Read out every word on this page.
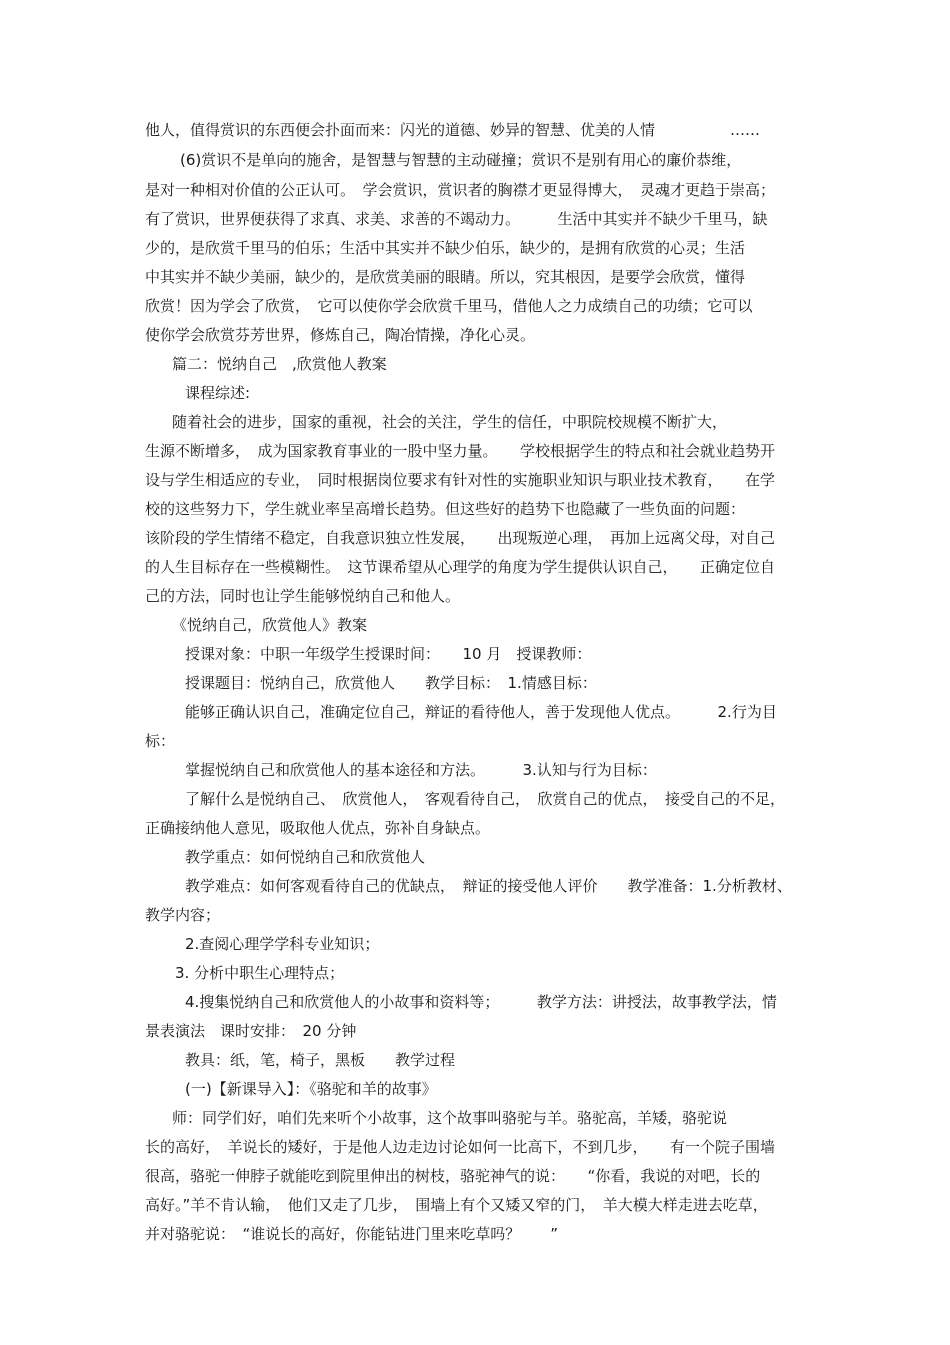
他人，值得赏识的东西便会扑面而来：闪光的道德、妙异的智慧、优美的人情　　　　　……
(6)赏识不是单向的施舍，是智慧与智慧的主动碰撞；赏识不是别有用心的廉价恭维，
是对一种相对价值的公正认可。　学会赏识，赏识者的胸襟才更显得博大，　灵魂才更趋于崇高；
有了赏识，世界便获得了求真、求美、求善的不竭动力。　　　生活中其实并不缺少千里马，缺
少的，是欣赏千里马的伯乐；生活中其实并不缺少伯乐，缺少的，是拥有欣赏的心灵；生活
中其实并不缺少美丽，缺少的，是欣赏美丽的眼睛。所以，究其根因，是要学会欣赏，懂得
欣赏！因为学会了欣赏，　它可以使你学会欣赏千里马，借他人之力成绩自己的功绩；它可以
使你学会欣赏芬芳世界，修炼自己，陶冶情操，净化心灵。
篇二：悦纳自己　,欣赏他人教案
课程综述:
随着社会的进步，国家的重视，社会的关注，学生的信任，中职院校规模不断扩大，
生源不断增多，　成为国家教育事业的一股中坚力量。　　学校根据学生的特点和社会就业趋势开
设与学生相适应的专业，　同时根据岗位要求有针对性的实施职业知识与职业技术教育，　　在学
校的这些努力下，学生就业率呈高增长趋势。但这些好的趋势下也隐藏了一些负面的问题：
该阶段的学生情绪不稳定，自我意识独立性发展，　　出现叛逆心理，　再加上远离父母，对自己
的人生目标存在一些模糊性。　这节课希望从心理学的角度为学生提供认识自己，　　正确定位自
己的方法，同时也让学生能够悦纳自己和他人。
《悦纳自己，欣赏他人》教案
授课对象：中职一年级学生授课时间：　　10 月　授课教师：
授课题目：悦纳自己，欣赏他人　　教学目标：　1.情感目标：
能够正确认识自己，准确定位自己，辩证的看待他人，善于发现他人优点。　　　2.行为目
标：
掌握悦纳自己和欣赏他人的基本途径和方法。　　　3.认知与行为目标：
了解什么是悦纳自己、　欣赏他人，　客观看待自己，　欣赏自己的优点，　接受自己的不足，
正确接纳他人意见，吸取他人优点，弥补自身缺点。
教学重点：如何悦纳自己和欣赏他人
教学难点：如何客观看待自己的优缺点，　辩证的接受他人评价　　教学准备：1.分析教材、
教学内容；
2.查阅心理学学科专业知识；
3. 分析中职生心理特点；
4.搜集悦纳自己和欣赏他人的小故事和资料等；　　　教学方法：讲授法，故事教学法，情
景表演法　课时安排：　20 分钟
教具：纸，笔，椅子，黑板　　教学过程
(一)【新课导入】：《骆驼和羊的故事》
师：同学们好，咱们先来听个小故事，这个故事叫骆驼与羊。骆驼高，羊矮，骆驼说
长的高好，　羊说长的矮好，于是他人边走边讨论如何一比高下，不到几步，　　有一个院子围墙
很高，骆驼一伸脖子就能吃到院里伸出的树枝，骆驼神气的说：　　“你看，我说的对吧，长的
高好。”羊不肯认输，　他们又走了几步，　围墙上有个又矮又窄的门，　羊大模大样走进去吃草，
并对骆驼说：　“谁说长的高好，你能钻进门里来吃草吗？　　”
